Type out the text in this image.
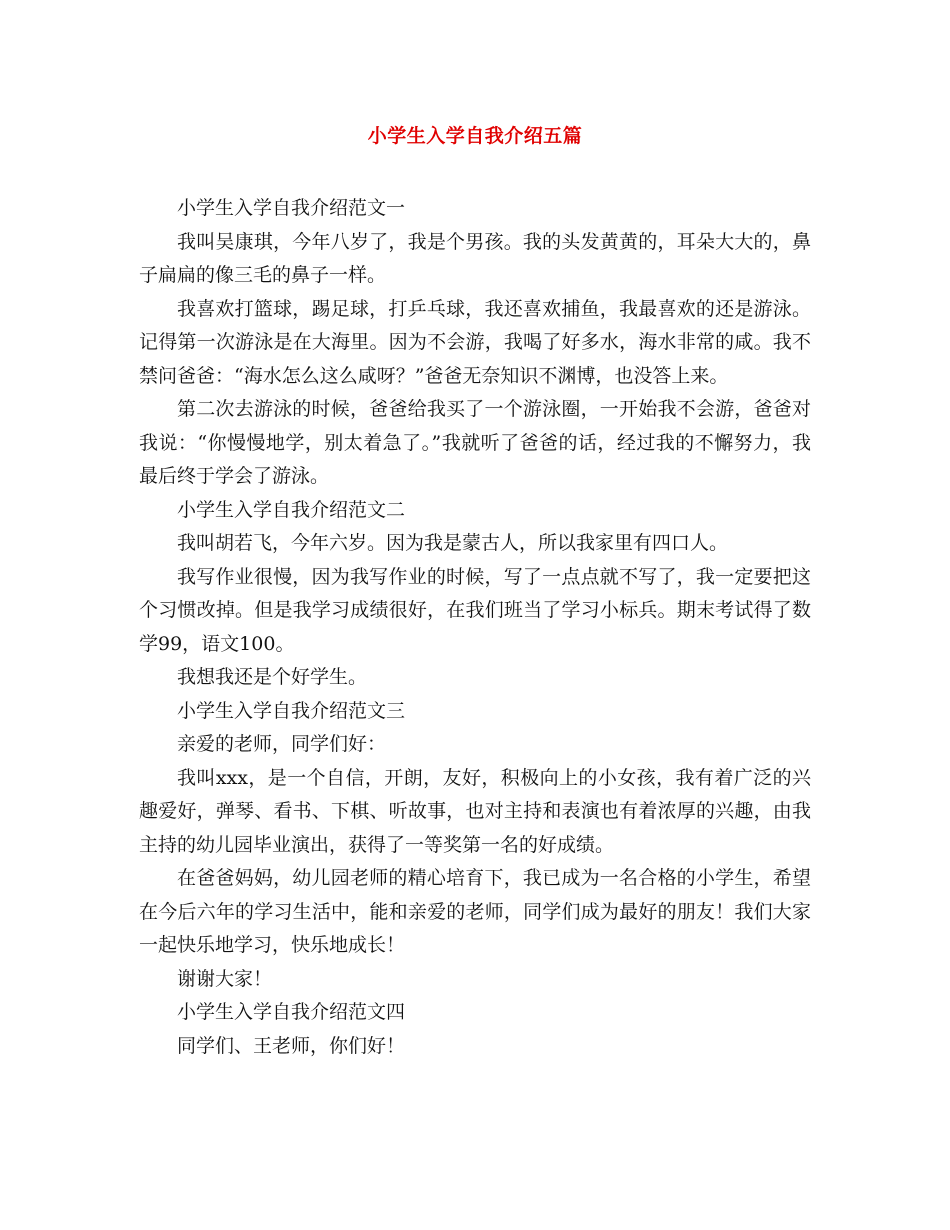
小学生入学自我介绍五篇

小学生入学自我介绍范文一

我叫吴康琪，今年八岁了，我是个男孩。我的头发黄黄的，耳朵大大的，鼻子扁扁的像三毛的鼻子一样。

我喜欢打篮球，踢足球，打乒乓球，我还喜欢捕鱼，我最喜欢的还是游泳。记得第一次游泳是在大海里。因为不会游，我喝了好多水，海水非常的咸。我不禁问爸爸：“海水怎么这么咸呀？”爸爸无奈知识不渊博，也没答上来。

第二次去游泳的时候，爸爸给我买了一个游泳圈，一开始我不会游，爸爸对我说：“你慢慢地学，别太着急了。”我就听了爸爸的话，经过我的不懈努力，我最后终于学会了游泳。

小学生入学自我介绍范文二

我叫胡若飞，今年六岁。因为我是蒙古人，所以我家里有四口人。

我写作业很慢，因为我写作业的时候，写了一点点就不写了，我一定要把这个习惯改掉。但是我学习成绩很好，在我们班当了学习小标兵。期末考试得了数学99，语文100。

我想我还是个好学生。

小学生入学自我介绍范文三

亲爱的老师，同学们好：

我叫xxx，是一个自信，开朗，友好，积极向上的小女孩，我有着广泛的兴趣爱好，弹琴、看书、下棋、听故事，也对主持和表演也有着浓厚的兴趣，由我主持的幼儿园毕业演出，获得了一等奖第一名的好成绩。

在爸爸妈妈，幼儿园老师的精心培育下，我已成为一名合格的小学生，希望在今后六年的学习生活中，能和亲爱的老师，同学们成为最好的朋友！我们大家一起快乐地学习，快乐地成长！

谢谢大家！

小学生入学自我介绍范文四

同学们、王老师，你们好！
